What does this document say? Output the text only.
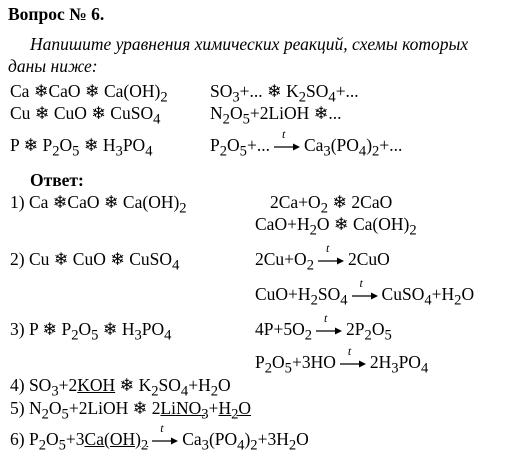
Вопрос № 6.
Напишите уравнения химических реакций, схемы которых
даны ниже:
Ca ❄CaO ❄ $Ca(OH)_2$ $SO_3+$... ❄ $K_2SO_4+$...
Cu ❄ CuO ❄ CuSO$_4$	$N_2O_5+2LiOH$ ❄...
P ❄ $P_2O_5$ ❄ $H_3PO_4$	$P_2O_5+$...
t
$Ca_3(PO_4)_2+$...
Ответ:
1) Ca ❄CaO ❄ $Ca(OH)_2$	$2Ca+O_2$ ❄ 2CaO
$CaO+H_2O$ ❄ $Ca(OH)_2$
2) Cu ❄ CuO ❄ CuSO$_4$	$2Cu+O_2$
t
2CuO
$CuO+H_2SO_4$
t
$CuSO_4+H_2O$
3) P ❄ $P_2O_5$ ❄ $H_3PO_4$	$4P+5O_2$
t
$2P_2O_5$
$P_2O_5+3HO$
t
$2H_3PO_4$
4) $SO_3+2KOH$ ❄ $K_2SO_4+H_2O$
5) $N_2O_5+2LiOH$ ❄ $2LiNO_3+H_2O$
6) $P_2O_5+3Ca(OH)_2$
t
$Ca_3(PO_4)_2+3H_2O$
